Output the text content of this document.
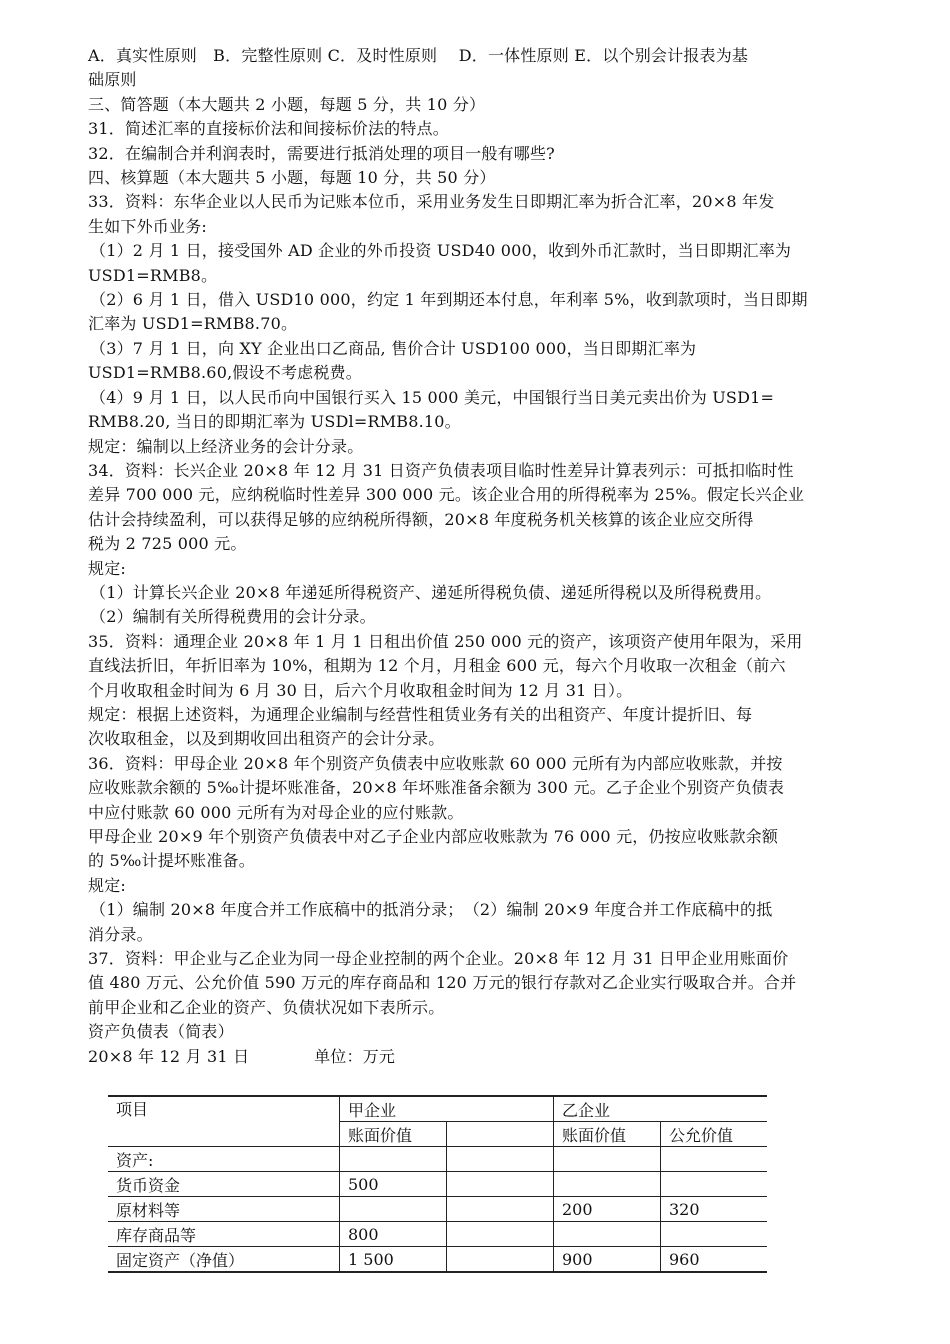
A．真实性原则　B．完整性原则 C．及时性原则　 D．一体性原则 E．以个别会计报表为基
础原则
三、简答题（本大题共 2 小题，每题 5 分，共 10 分）
31．简述汇率的直接标价法和间接标价法的特点。
32．在编制合并利润表时，需要进行抵消处理的项目一般有哪些?
四、核算题（本大题共 5 小题，每题 10 分，共 50 分）
33．资料：东华企业以人民币为记账本位币，采用业务发生日即期汇率为折合汇率，20×8 年发
生如下外币业务:
（1）2 月 1 日，接受国外 AD 企业的外币投资 USD40 000，收到外币汇款时，当日即期汇率为
USD1=RMB8。
（2）6 月 1 日，借入 USD10 000，约定 1 年到期还本付息，年利率 5%，收到款项时，当日即期
汇率为 USD1=RMB8.70。
（3）7 月 1 日，向 XY 企业出口乙商品, 售价合计 USD100 000，当日即期汇率为
USD1=RMB8.60,假设不考虑税费。
（4）9 月 1 日，以人民币向中国银行买入 15 000 美元，中国银行当日美元卖出价为 USD1=
RMB8.20, 当日的即期汇率为 USDl=RMB8.10。
规定：编制以上经济业务的会计分录。
34．资料：长兴企业 20×8 年 12 月 31 日资产负债表项目临时性差异计算表列示：可抵扣临时性
差异 700 000 元，应纳税临时性差异 300 000 元。该企业合用的所得税率为 25%。假定长兴企业
估计会持续盈利，可以获得足够的应纳税所得额，20×8 年度税务机关核算的该企业应交所得
税为 2 725 000 元。
规定:
（1）计算长兴企业 20×8 年递延所得税资产、递延所得税负债、递延所得税以及所得税费用。
（2）编制有关所得税费用的会计分录。
35．资料：通理企业 20×8 年 1 月 1 日租出价值 250 000 元的资产，该项资产使用年限为，采用
直线法折旧，年折旧率为 10%，租期为 12 个月，月租金 600 元，每六个月收取一次租金（前六
个月收取租金时间为 6 月 30 日，后六个月收取租金时间为 12 月 31 日）。
规定：根据上述资料，为通理企业编制与经营性租赁业务有关的出租资产、年度计提折旧、每
次收取租金，以及到期收回出租资产的会计分录。
36．资料：甲母企业 20×8 年个别资产负债表中应收账款 60 000 元所有为内部应收账款，并按
应收账款余额的 5‰计提坏账准备，20×8 年坏账准备余额为 300 元。乙子企业个别资产负债表
中应付账款 60 000 元所有为对母企业的应付账款。
甲母企业 20×9 年个别资产负债表中对乙子企业内部应收账款为 76 000 元，仍按应收账款余额
的 5‰计提坏账准备。
规定:
（1）编制 20×8 年度合并工作底稿中的抵消分录；　（2）编制 20×9 年度合并工作底稿中的抵
消分录。
37．资料：甲企业与乙企业为同一母企业控制的两个企业。20×8 年 12 月 31 日甲企业用账面价
值 480 万元、公允价值 590 万元的库存商品和 120 万元的银行存款对乙企业实行吸取合并。合并
前甲企业和乙企业的资产、负债状况如下表所示。
资产负债表（简表）
20×8 年 12 月 31 日　　　　单位：万元
项目	甲企业		乙企业	
	账面价值		账面价值	公允价值
资产:				
货币资金	500			
原材料等			200	320
库存商品等	800			
固定资产（净值）	1 500		900	960
